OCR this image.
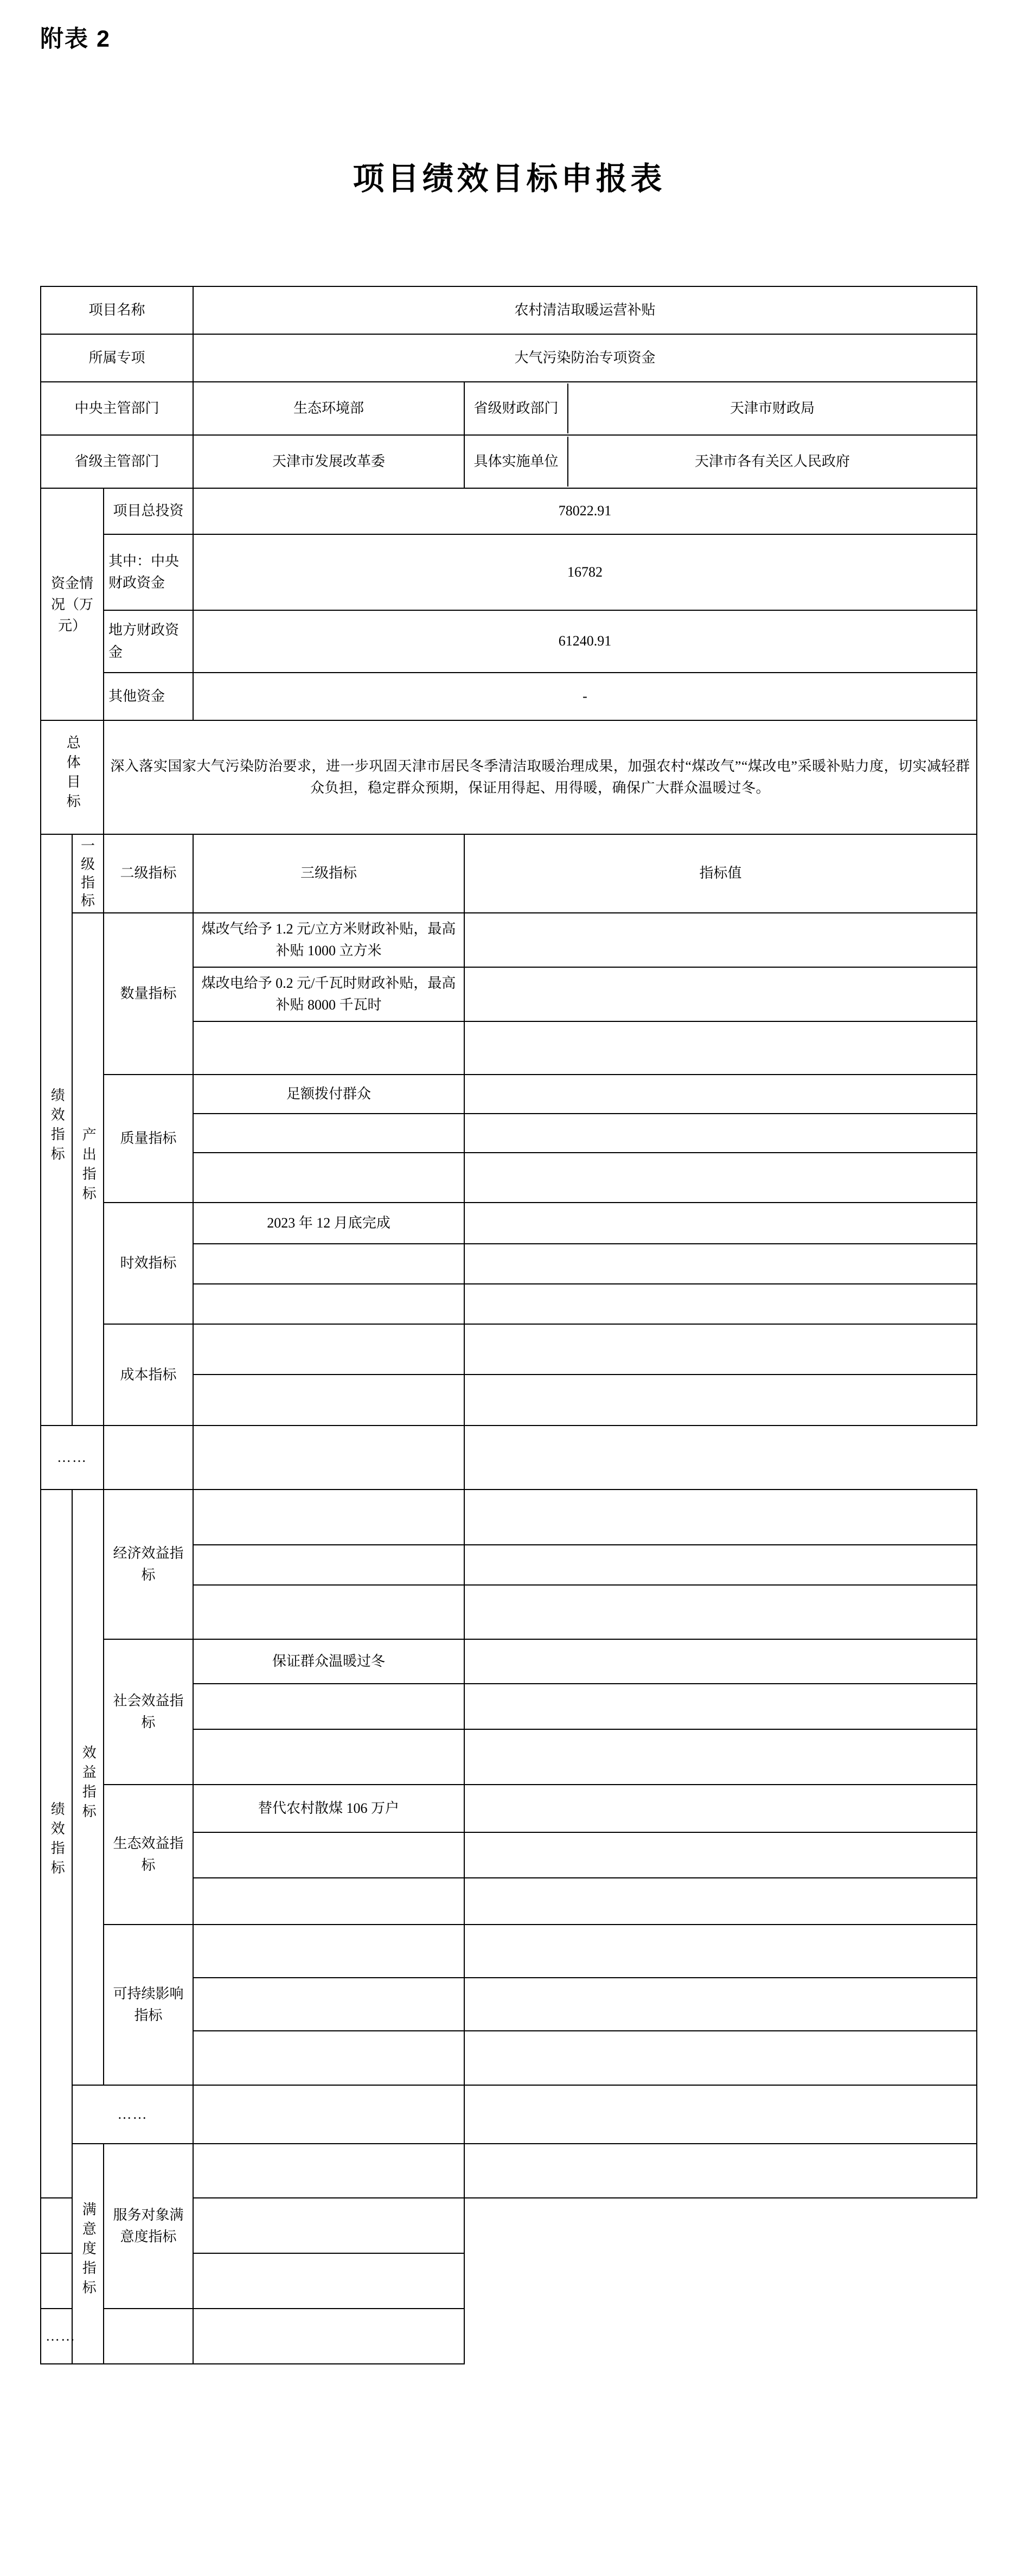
附表 2
项目绩效目标申报表
项目名称	农村清洁取暖运营补贴
所属专项	大气污染防治专项资金
中央主管部门	生态环境部		省级财政部门	天津市财政局

省级主管部门	天津市发展改革委		具体实施单位	天津市各有关区人民政府

资金情况（万元）	项目总投资	78022.91
其中：中央财政资金	16782
地方财政资金	61240.91
其他资金	-
总体目标	深入落实国家大气污染防治要求，进一步巩固天津市居民冬季清洁取暖治理成果，加强农村“煤改气”“煤改电”采暖补贴力度，切实减轻群众负担，稳定群众预期，保证用得起、用得暖，确保广大群众温暖过冬。
绩效指标	一级指标	二级指标	三级指标	指标值
产出指标	数量指标	煤改气给予 1.2 元/立方米财政补贴，最高补贴 1000 立方米	
煤改电给予 0.2 元/千瓦时财政补贴，最高补贴 8000 千瓦时	

质量指标	足额拨付群众	

时效指标	2023 年 12 月底完成	

成本指标		

……		
绩效指标	效益指标	经济效益指标		

社会效益指标	保证群众温暖过冬	

生态效益指标	替代农村散煤 106 万户	

可持续影响指标		

……		
满意度指标	服务对象满意度指标		

……		
